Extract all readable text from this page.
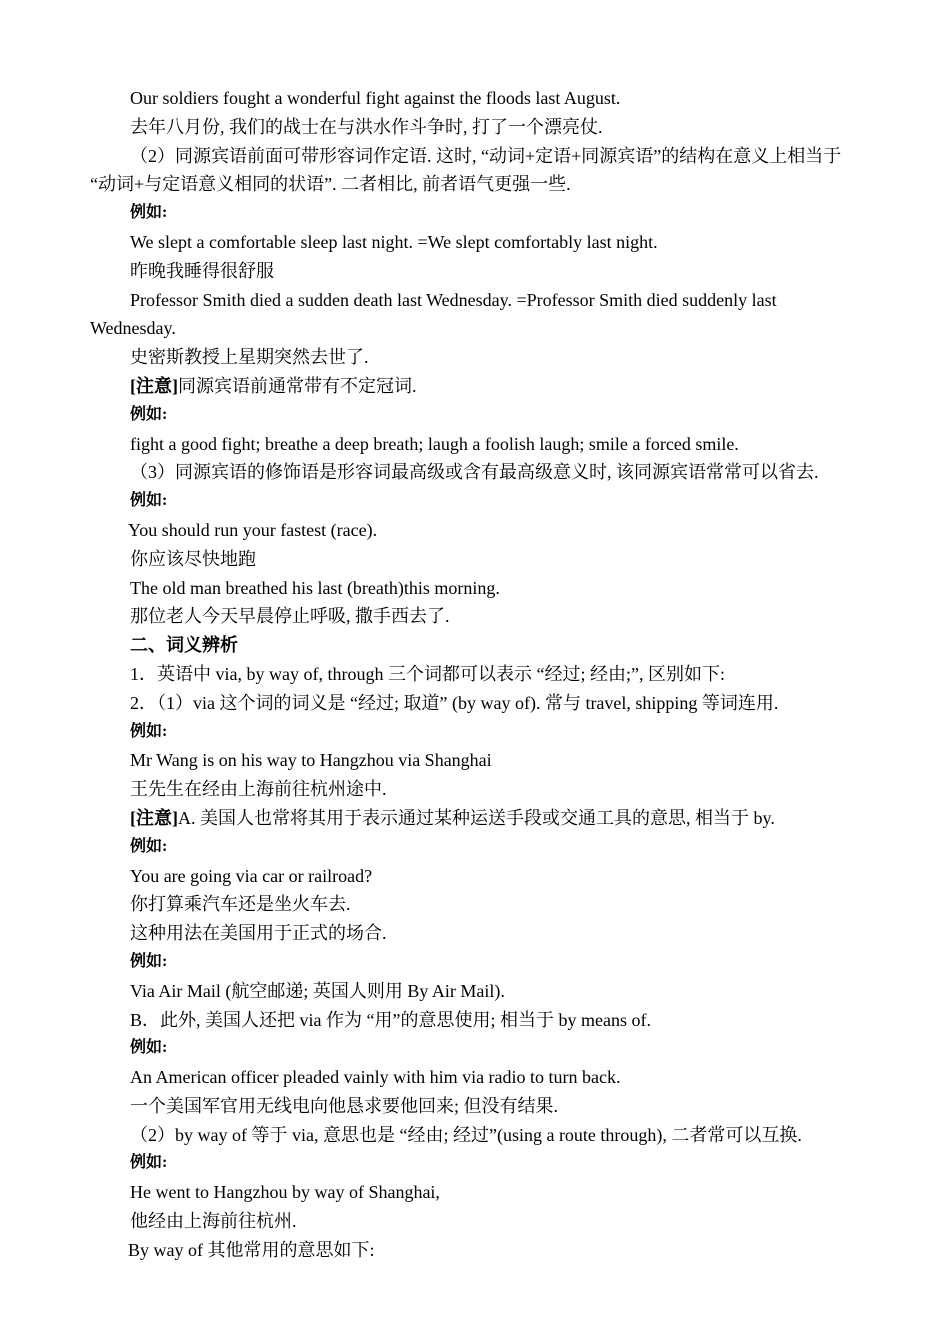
Our soldiers fought a wonderful fight against the floods last August.

去年八月份, 我们的战士在与洪水作斗争时, 打了一个漂亮仗.

（2）同源宾语前面可带形容词作定语. 这时, “动词+定语+同源宾语”的结构在意义上相当于 “动词+与定语意义相同的状语”. 二者相比, 前者语气更强一些.

例如:

We slept a comfortable sleep last night. =We slept comfortably last night.

昨晚我睡得很舒服

Professor Smith died a sudden death last Wednesday. =Professor Smith died suddenly last Wednesday.

史密斯教授上星期突然去世了.

[注意]同源宾语前通常带有不定冠词.

例如:

fight a good fight; breathe a deep breath; laugh a foolish laugh; smile a forced smile.

（3）同源宾语的修饰语是形容词最高级或含有最高级意义时, 该同源宾语常常可以省去.

例如:

You should run your fastest (race).

你应该尽快地跑

The old man breathed his last (breath)this morning.

那位老人今天早晨停止呼吸, 撒手西去了.

二、词义辨析

1．英语中 via, by way of, through 三个词都可以表示 “经过; 经由;”, 区别如下:

2．（1）via 这个词的词义是 “经过; 取道” (by way of). 常与 travel, shipping 等词连用.

例如:

Mr Wang is on his way to Hangzhou via Shanghai

王先生在经由上海前往杭州途中.

[注意]A. 美国人也常将其用于表示通过某种运送手段或交通工具的意思, 相当于 by.

例如:

You are going via car or railroad?

你打算乘汽车还是坐火车去.

这种用法在美国用于正式的场合.

例如:

Via Air Mail (航空邮递; 英国人则用 By Air Mail).

B．此外, 美国人还把 via 作为 “用”的意思使用; 相当于 by means of.

例如:

An American officer pleaded vainly with him via radio to turn back.

一个美国军官用无线电向他恳求要他回来; 但没有结果.

（2）by way of 等于 via, 意思也是 “经由; 经过”(using a route through), 二者常可以互换.

例如:

He went to Hangzhou by way of Shanghai,

他经由上海前往杭州.

By way of 其他常用的意思如下:
